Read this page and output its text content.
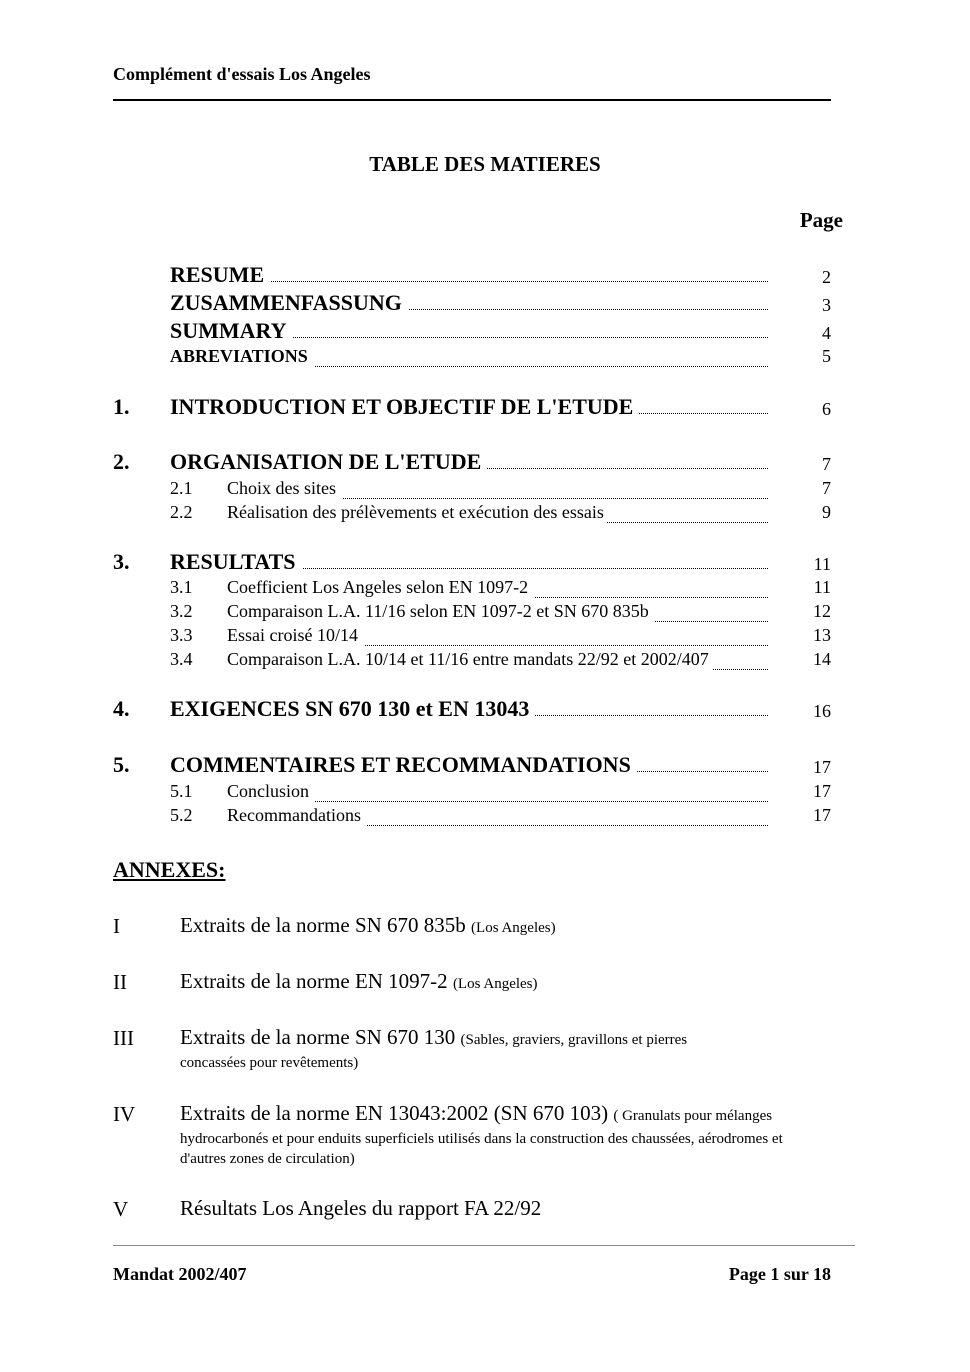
Complément d'essais Los Angeles
TABLE DES MATIERES
Page
RESUME	2
ZUSAMMENFASSUNG	3
SUMMARY	4
ABREVIATIONS	5
1. INTRODUCTION ET OBJECTIF DE L'ETUDE	6
2. ORGANISATION DE L'ETUDE	7
2.1 Choix des sites	7
2.2 Réalisation des prélèvements et exécution des essais	9
3. RESULTATS	11
3.1 Coefficient Los Angeles selon EN 1097-2	11
3.2 Comparaison L.A. 11/16 selon EN 1097-2 et SN 670 835b	12
3.3 Essai croisé 10/14	13
3.4 Comparaison L.A. 10/14 et 11/16 entre mandats 22/92 et 2002/407	14
4. EXIGENCES SN 670 130 et EN 13043	16
5. COMMENTAIRES ET RECOMMANDATIONS	17
5.1 Conclusion	17
5.2 Recommandations	17
ANNEXES:
I	Extraits de la norme SN 670 835b (Los Angeles)
II	Extraits de la norme EN 1097-2 (Los Angeles)
III Extraits de la norme SN 670 130 (Sables, graviers, gravillons et pierres
concassées pour revêtements)
IV Extraits de la norme EN 13043:2002 (SN 670 103) ( Granulats pour mélanges
hydrocarbonés et pour enduits superficiels utilisés dans la construction des chaussées, aérodromes et d'autres zones de circulation)
V Résultats Los Angeles du rapport FA 22/92
Mandat 2002/407	Page 1 sur 18
